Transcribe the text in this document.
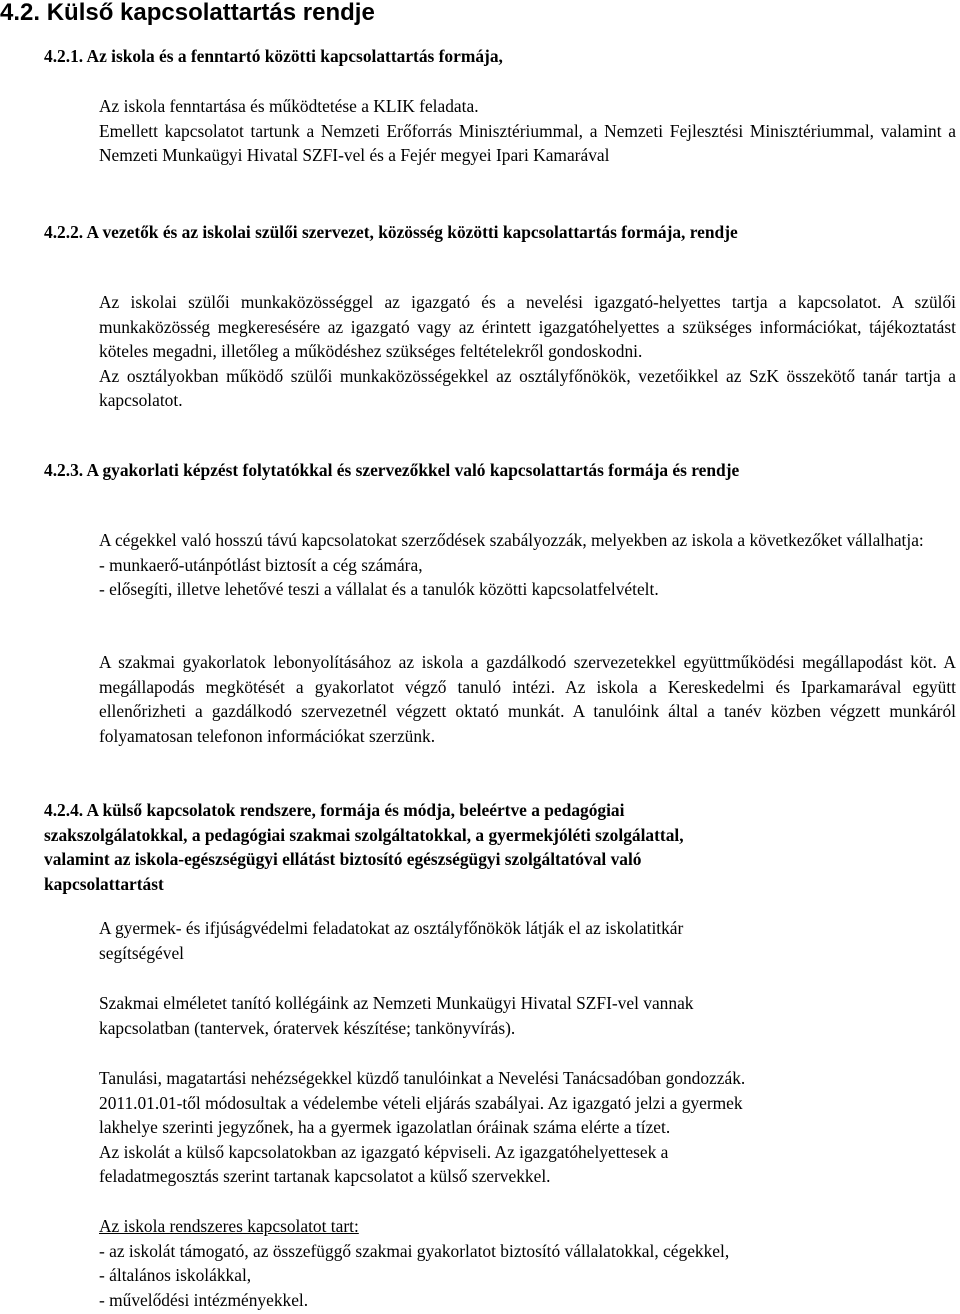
4.2. Külső kapcsolattartás rendje
4.2.1. Az iskola és a fenntartó közötti kapcsolattartás formája,

Az iskola fenntartása és működtetése a KLIK feladata.

Emellett kapcsolatot tartunk a Nemzeti Erőforrás Minisztériummal, a Nemzeti Fejlesztési Minisztériummal, valamint a Nemzeti Munkaügyi Hivatal SZFI-vel és a Fejér megyei Ipari Kamarával

4.2.2. A vezetők és az iskolai szülői szervezet, közösség közötti kapcsolattartás formája, rendje

Az iskolai szülői munkaközösséggel az igazgató és a nevelési igazgató-helyettes tartja a kapcsolatot. A szülői munkaközösség megkeresésére az igazgató vagy az érintett igazgatóhelyettes a szükséges információkat, tájékoztatást köteles megadni, illetőleg a működéshez szükséges feltételekről gondoskodni.

Az osztályokban működő szülői munkaközösségekkel az osztályfőnökök, vezetőikkel az SzK összekötő tanár tartja a kapcsolatot.

4.2.3. A gyakorlati képzést folytatókkal és szervezőkkel való kapcsolattartás formája és rendje

A cégekkel való hosszú távú kapcsolatokat szerződések szabályozzák, melyekben az iskola a következőket vállalhatja:

- munkaerő-utánpótlást biztosít a cég számára,

- elősegíti, illetve lehetővé teszi a vállalat és a tanulók közötti kapcsolatfelvételt.

A szakmai gyakorlatok lebonyolításához az iskola a gazdálkodó szervezetekkel együttműködési megállapodást köt. A megállapodás megkötését a gyakorlatot végző tanuló intézi. Az iskola a Kereskedelmi és Iparkamarával együtt ellenőrizheti a gazdálkodó szervezetnél végzett oktató munkát. A tanulóink által a tanév közben végzett munkáról folyamatosan telefonon információkat szerzünk.
4.2.4. A külső kapcsolatok rendszere, formája és módja, beleértve a pedagógiai
szakszolgálatokkal, a pedagógiai szakmai szolgáltatokkal, a gyermekjóléti szolgálattal,
valamint az iskola-egészségügyi ellátást biztosító egészségügyi szolgáltatóval való
kapcsolattartást
A gyermek- és ifjúságvédelmi feladatokat az osztályfőnökök látják el az iskolatitkár
segítségével
Szakmai elméletet tanító kollégáink az Nemzeti Munkaügyi Hivatal SZFI-vel vannak
kapcsolatban (tantervek, óratervek készítése; tankönyvírás).
Tanulási, magatartási nehézségekkel küzdő tanulóinkat a Nevelési Tanácsadóban gondozzák.
2011.01.01-től módosultak a védelembe vételi eljárás szabályai. Az igazgató jelzi a gyermek
lakhelye szerinti jegyzőnek, ha a gyermek igazolatlan óráinak száma elérte a tízet.
Az iskolát a külső kapcsolatokban az igazgató képviseli. Az igazgatóhelyettesek a
feladatmegosztás szerint tartanak kapcsolatot a külső szervekkel.
Az iskola rendszeres kapcsolatot tart:
- az iskolát támogató, az összefüggő szakmai gyakorlatot biztosító vállalatokkal, cégekkel,
- általános iskolákkal,
- művelődési intézményekkel.
